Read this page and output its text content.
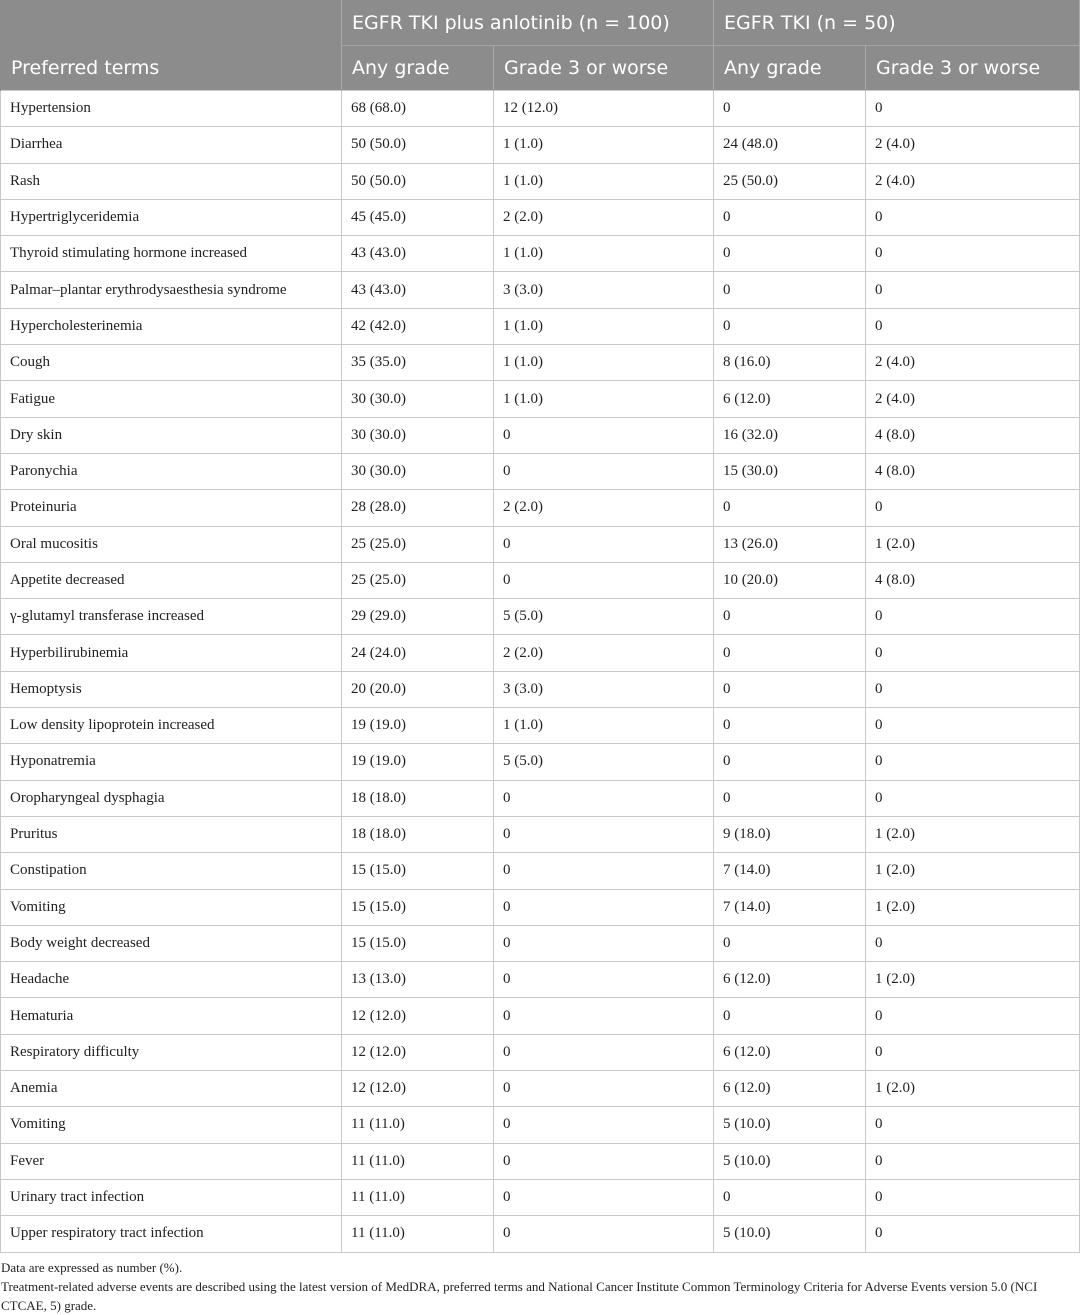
	EGFR TKI plus anlotinib (n = 100)		EGFR TKI (n = 50)	
Preferred terms	Any grade	Grade 3 or worse	Any grade	Grade 3 or worse
Hypertension	68 (68.0)	12 (12.0)	0	0
Diarrhea	50 (50.0)	1 (1.0)	24 (48.0)	2 (4.0)
Rash	50 (50.0)	1 (1.0)	25 (50.0)	2 (4.0)
Hypertriglyceridemia	45 (45.0)	2 (2.0)	0	0
Thyroid stimulating hormone increased	43 (43.0)	1 (1.0)	0	0
Palmar–plantar erythrodysaesthesia syndrome	43 (43.0)	3 (3.0)	0	0
Hypercholesterinemia	42 (42.0)	1 (1.0)	0	0
Cough	35 (35.0)	1 (1.0)	8 (16.0)	2 (4.0)
Fatigue	30 (30.0)	1 (1.0)	6 (12.0)	2 (4.0)
Dry skin	30 (30.0)	0	16 (32.0)	4 (8.0)
Paronychia	30 (30.0)	0	15 (30.0)	4 (8.0)
Proteinuria	28 (28.0)	2 (2.0)	0	0
Oral mucositis	25 (25.0)	0	13 (26.0)	1 (2.0)
Appetite decreased	25 (25.0)	0	10 (20.0)	4 (8.0)
γ-glutamyl transferase increased	29 (29.0)	5 (5.0)	0	0
Hyperbilirubinemia	24 (24.0)	2 (2.0)	0	0
Hemoptysis	20 (20.0)	3 (3.0)	0	0
Low density lipoprotein increased	19 (19.0)	1 (1.0)	0	0
Hyponatremia	19 (19.0)	5 (5.0)	0	0
Oropharyngeal dysphagia	18 (18.0)	0	0	0
Pruritus	18 (18.0)	0	9 (18.0)	1 (2.0)
Constipation	15 (15.0)	0	7 (14.0)	1 (2.0)
Vomiting	15 (15.0)	0	7 (14.0)	1 (2.0)
Body weight decreased	15 (15.0)	0	0	0
Headache	13 (13.0)	0	6 (12.0)	1 (2.0)
Hematuria	12 (12.0)	0	0	0
Respiratory difficulty	12 (12.0)	0	6 (12.0)	0
Anemia	12 (12.0)	0	6 (12.0)	1 (2.0)
Vomiting	11 (11.0)	0	5 (10.0)	0
Fever	11 (11.0)	0	5 (10.0)	0
Urinary tract infection	11 (11.0)	0	0	0
Upper respiratory tract infection	11 (11.0)	0	5 (10.0)	0

Data are expressed as number (%).

Treatment-related adverse events are described using the latest version of MedDRA, preferred terms and National Cancer Institute Common Terminology Criteria for Adverse Events version 5.0 (NCI CTCAE, 5) grade.
